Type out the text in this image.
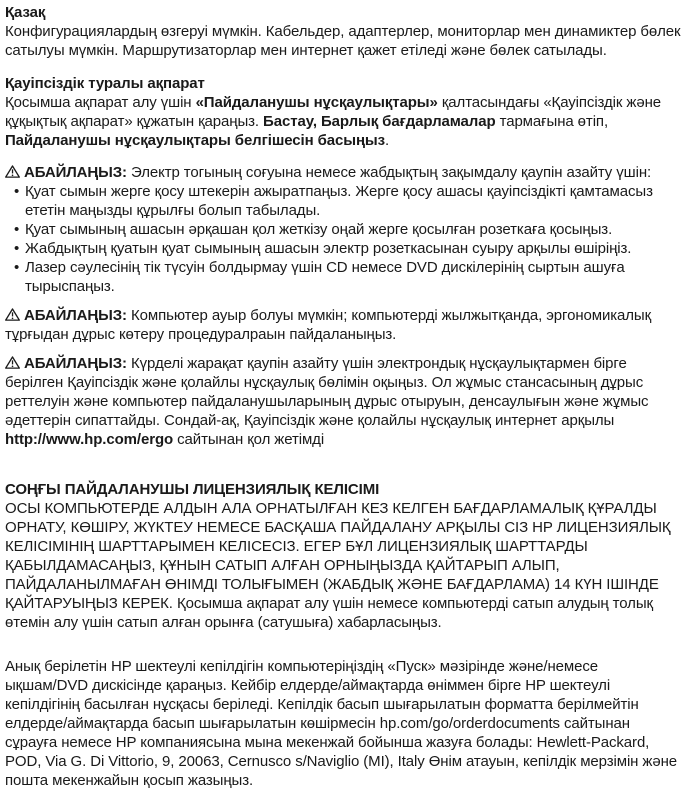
Қазақ

Конфигурациялардың өзгеруі мүмкін. Кабельдер, адаптерлер, мониторлар мен динамиктер бөлек сатылуы мүмкін. Маршрутизаторлар мен интернет қажет етіледі және бөлек сатылады.

Қауіпсіздік туралы ақпарат

Қосымша ақпарат алу үшін «Пайдаланушы нұсқаулықтары» қалтасындағы «Қауіпсіздік және құқықтық ақпарат» құжатын қараңыз. Бастау, Барлық бағдарламалар тармағына өтіп, Пайдаланушы нұсқаулықтары белгішесін басыңыз.

АБАЙЛАҢЫЗ: Электр тогының соғуына немесе жабдықтың зақымдалу қаупін азайту үшін:

• Қуат сымын жерге қосу штекерін ажыратпаңыз. Жерге қосу ашасы қауіпсіздікті қамтамасыз ететін маңызды құрылғы болып табылады.
• Қуат сымының ашасын әрқашан қол жеткізу оңай жерге қосылған розеткаға қосыңыз.
• Жабдықтың қуатын қуат сымының ашасын электр розеткасынан суыру арқылы өшіріңіз.
• Лазер сәулесінің тік түсуін болдырмау үшін CD немесе DVD дискілерінің сыртын ашуға тырыспаңыз.

АБАЙЛАҢЫЗ: Компьютер ауыр болуы мүмкін; компьютерді жылжытқанда, эргономикалық тұрғыдан дұрыс көтеру процедуралраын пайдаланыңыз.

АБАЙЛАҢЫЗ: Күрделі жарақат қаупін азайту үшін электрондық нұсқаулықтармен бірге берілген Қауіпсіздік және қолайлы нұсқаулық бөлімін оқыңыз. Ол жұмыс стансасының дұрыс реттелуін және компьютер пайдаланушыларының дұрыс отыруын, денсаулығын және жұмыс әдеттерін сипаттайды. Сондай-ақ, Қауіпсіздік және қолайлы нұсқаулық интернет арқылы http://www.hp.com/ergo сайтынан қол жетімді

СОҢҒЫ ПАЙДАЛАНУШЫ ЛИЦЕНЗИЯЛЫҚ КЕЛІСІМІ

ОСЫ КОМПЬЮТЕРДЕ АЛДЫН АЛА ОРНАТЫЛҒАН КЕЗ КЕЛГЕН БАҒДАРЛАМАЛЫҚ ҚҰРАЛДЫ ОРНАТУ, КӨШІРУ, ЖҮКТЕУ НЕМЕСЕ БАСҚАША ПАЙДАЛАНУ АРҚЫЛЫ СІЗ HP ЛИЦЕНЗИЯЛЫҚ КЕЛІСІМІНІҢ ШАРТТАРЫМЕН КЕЛІСЕСІЗ. ЕГЕР БҰЛ ЛИЦЕНЗИЯЛЫҚ ШАРТТАРДЫ ҚАБЫЛДАМАСАҢЫЗ, ҚҰНЫН САТЫП АЛҒАН ОРНЫҢЫЗДА ҚАЙТАРЫП АЛЫП, ПАЙДАЛАНЫЛМАҒАН ӨНІМДІ ТОЛЫҒЫМЕН (ЖАБДЫҚ ЖӘНЕ БАҒДАРЛАМА) 14 КҮН ІШІНДЕ ҚАЙТАРУЫҢЫЗ КЕРЕК. Қосымша ақпарат алу үшін немесе компьютерді сатып алудың толық өтемін алу үшін сатып алған орынға (сатушыға) хабарласыңыз.

Анық берілетін HP шектеулі кепілдігін компьютеріңіздің «Пуск» мәзірінде және/немесе ықшам/DVD дискісінде қараңыз. Кейбір елдерде/аймақтарда өніммен бірге HP шектеулі кепілдігінің басылған нұсқасы беріледі. Кепілдік басып шығарылатын форматта берілмейтін елдерде/аймақтарда басып шығарылатын көшірмесін hp.com/go/orderdocuments сайтынан сұрауға немесе HP компаниясына мына мекенжай бойынша жазуға болады: Hewlett-Packard, POD, Via G. Di Vittorio, 9, 20063, Cernusco s/Naviglio (MI), Italy Өнім атауын, кепілдік мерзімін және пошта мекенжайын қосып жазыңыз.
